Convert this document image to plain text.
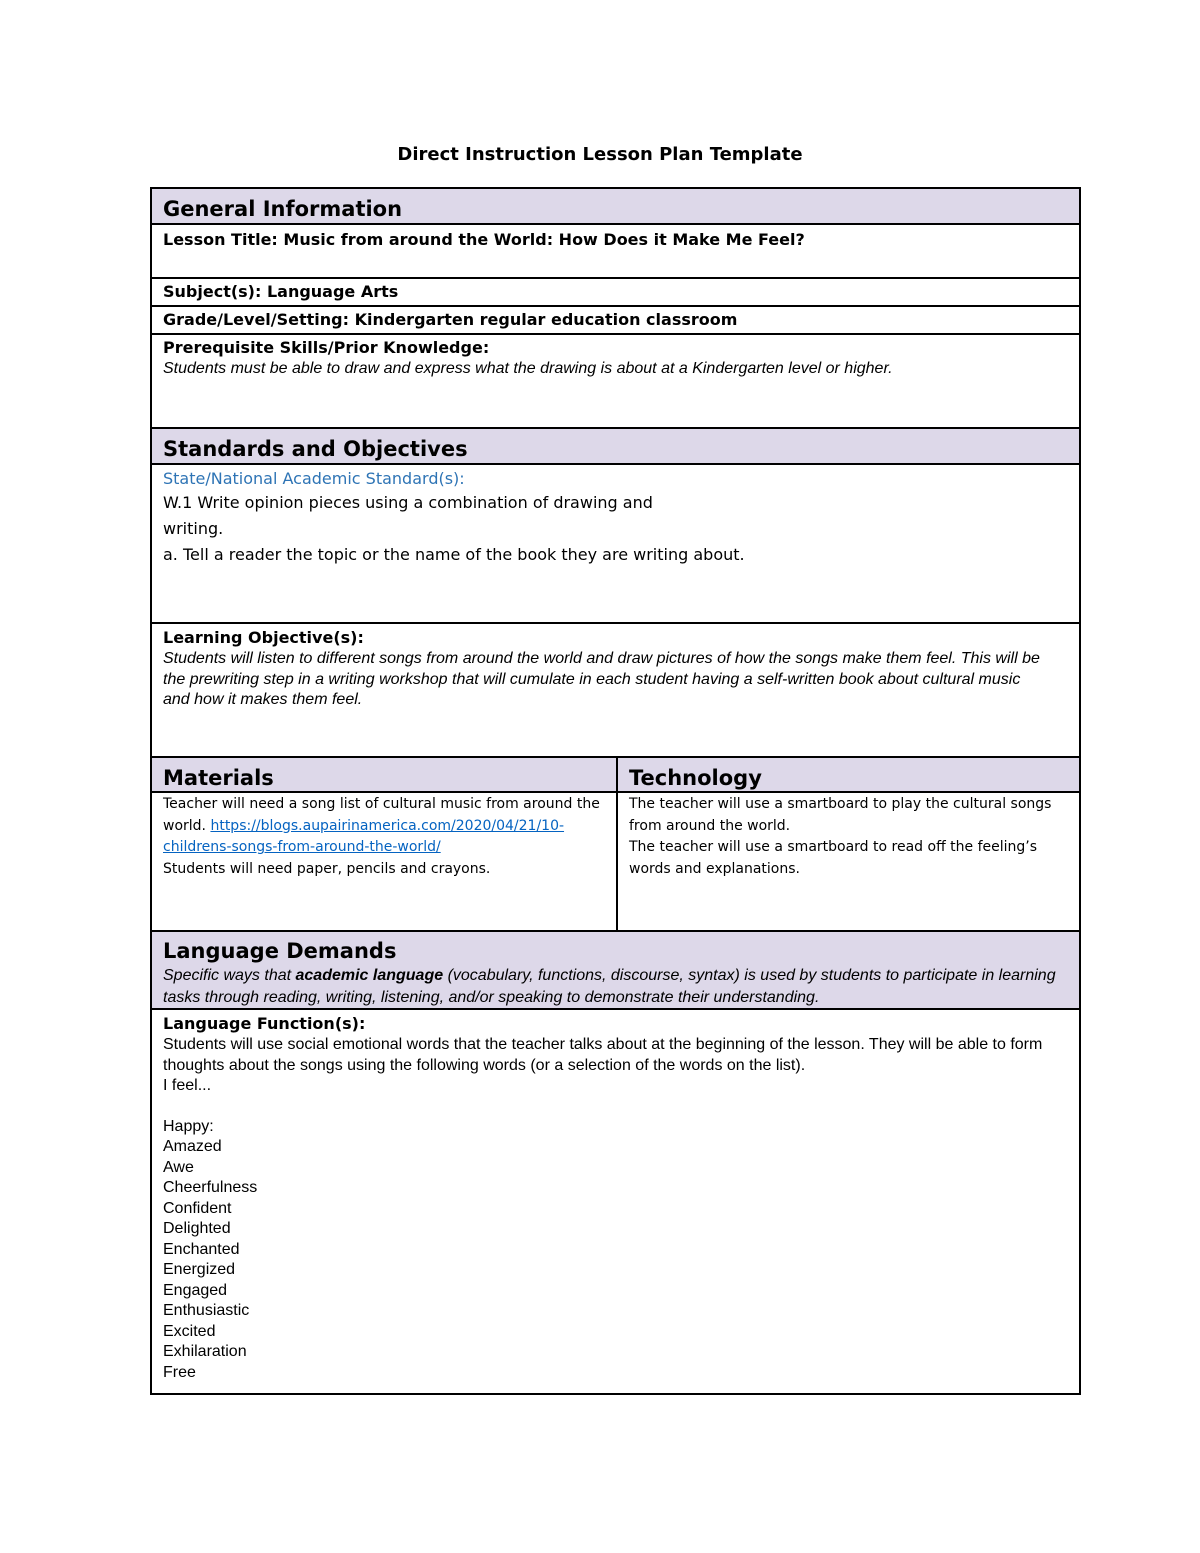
Direct Instruction Lesson Plan Template
General Information
Lesson Title: Music from around the World: How Does it Make Me Feel?
Subject(s): Language Arts
Grade/Level/Setting: Kindergarten regular education classroom
Prerequisite Skills/Prior Knowledge:
Students must be able to draw and express what the drawing is about at a Kindergarten level or higher.
Standards and Objectives
State/National Academic Standard(s):
W.1 Write opinion pieces using a combination of drawing and
writing.
a. Tell a reader the topic or the name of the book they are writing about.
Learning Objective(s):
Students will listen to different songs from around the world and draw pictures of how the songs make them feel. This will be the prewriting step in a writing workshop that will cumulate in each student having a self-written book about cultural music and how it makes them feel.
Materials	Technology
Teacher will need a song list of cultural music from around the world. https://blogs.aupairinamerica.com/2020/04/21/10-childrens-songs-from-around-the-world/
Students will need paper, pencils and crayons.
The teacher will use a smartboard to play the cultural songs from around the world.
The teacher will use a smartboard to read off the feeling’s words and explanations.
Language Demands
Specific ways that academic language (vocabulary, functions, discourse, syntax) is used by students to participate in learning tasks through reading, writing, listening, and/or speaking to demonstrate their understanding.
Language Function(s):
Students will use social emotional words that the teacher talks about at the beginning of the lesson. They will be able to form thoughts about the songs using the following words (or a selection of the words on the list).
I feel...
Happy:
Amazed
Awe
Cheerfulness
Confident
Delighted
Enchanted
Energized
Engaged
Enthusiastic
Excited
Exhilaration
Free
